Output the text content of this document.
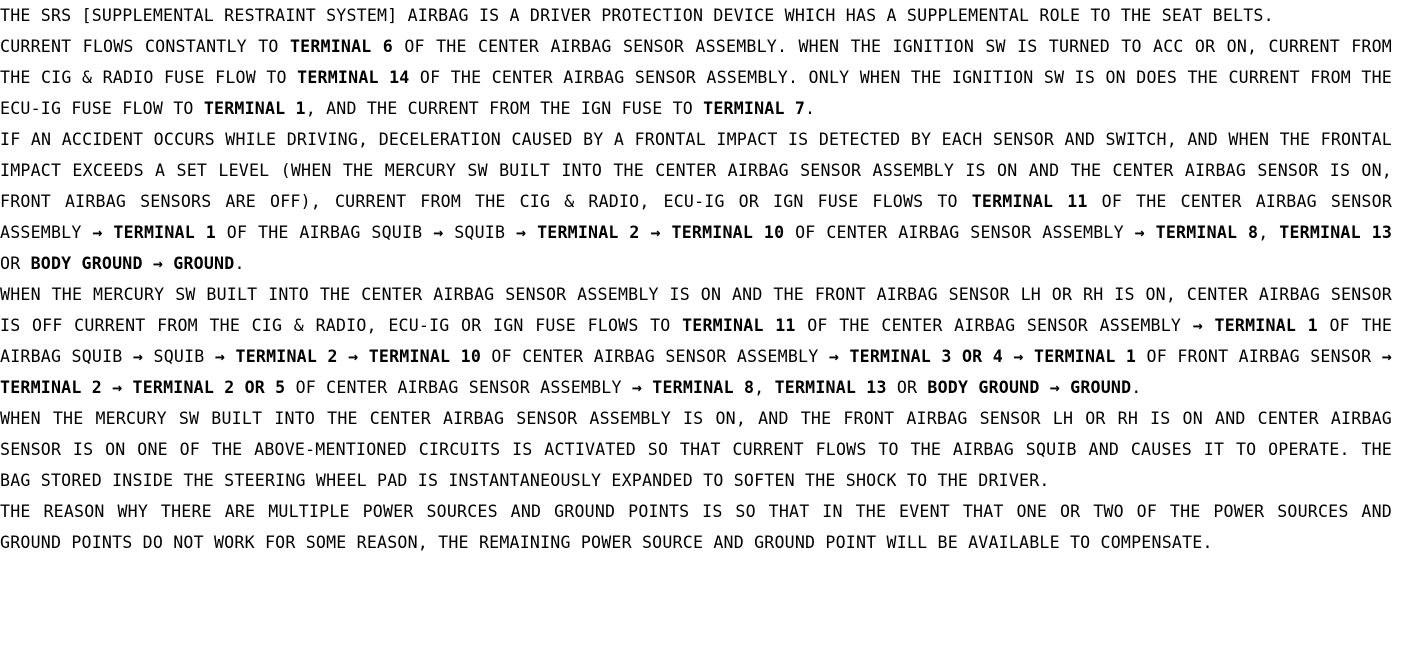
THE SRS [SUPPLEMENTAL RESTRAINT SYSTEM] AIRBAG IS A DRIVER PROTECTION DEVICE WHICH HAS A SUPPLEMENTAL ROLE TO THE SEAT BELTS.

CURRENT FLOWS CONSTANTLY TO TERMINAL 6 OF THE CENTER AIRBAG SENSOR ASSEMBLY. WHEN THE IGNITION SW IS TURNED TO ACC OR ON, CURRENT FROM THE CIG & RADIO FUSE FLOW TO TERMINAL 14 OF THE CENTER AIRBAG SENSOR ASSEMBLY. ONLY WHEN THE IGNITION SW IS ON DOES THE CURRENT FROM THE ECU-IG FUSE FLOW TO TERMINAL 1, AND THE CURRENT FROM THE IGN FUSE TO TERMINAL 7.

IF AN ACCIDENT OCCURS WHILE DRIVING, DECELERATION CAUSED BY A FRONTAL IMPACT IS DETECTED BY EACH SENSOR AND SWITCH, AND WHEN THE FRONTAL IMPACT EXCEEDS A SET LEVEL (WHEN THE MERCURY SW BUILT INTO THE CENTER AIRBAG SENSOR ASSEMBLY IS ON AND THE CENTER AIRBAG SENSOR IS ON, FRONT AIRBAG SENSORS ARE OFF), CURRENT FROM THE CIG & RADIO, ECU-IG OR IGN FUSE FLOWS TO TERMINAL 11 OF THE CENTER AIRBAG SENSOR ASSEMBLY → TERMINAL 1 OF THE AIRBAG SQUIB → SQUIB → TERMINAL 2 → TERMINAL 10 OF CENTER AIRBAG SENSOR ASSEMBLY → TERMINAL 8, TERMINAL 13 OR BODY GROUND → GROUND.

WHEN THE MERCURY SW BUILT INTO THE CENTER AIRBAG SENSOR ASSEMBLY IS ON AND THE FRONT AIRBAG SENSOR LH OR RH IS ON, CENTER AIRBAG SENSOR IS OFF CURRENT FROM THE CIG & RADIO, ECU-IG OR IGN FUSE FLOWS TO TERMINAL 11 OF THE CENTER AIRBAG SENSOR ASSEMBLY → TERMINAL 1 OF THE AIRBAG SQUIB → SQUIB → TERMINAL 2 → TERMINAL 10 OF CENTER AIRBAG SENSOR ASSEMBLY → TERMINAL 3 OR 4 → TERMINAL 1 OF FRONT AIRBAG SENSOR → TERMINAL 2 → TERMINAL 2 OR 5 OF CENTER AIRBAG SENSOR ASSEMBLY → TERMINAL 8, TERMINAL 13 OR BODY GROUND → GROUND.

WHEN THE MERCURY SW BUILT INTO THE CENTER AIRBAG SENSOR ASSEMBLY IS ON, AND THE FRONT AIRBAG SENSOR LH OR RH IS ON AND CENTER AIRBAG SENSOR IS ON ONE OF THE ABOVE-MENTIONED CIRCUITS IS ACTIVATED SO THAT CURRENT FLOWS TO THE AIRBAG SQUIB AND CAUSES IT TO OPERATE. THE BAG STORED INSIDE THE STEERING WHEEL PAD IS INSTANTANEOUSLY EXPANDED TO SOFTEN THE SHOCK TO THE DRIVER.

THE REASON WHY THERE ARE MULTIPLE POWER SOURCES AND GROUND POINTS IS SO THAT IN THE EVENT THAT ONE OR TWO OF THE POWER SOURCES AND GROUND POINTS DO NOT WORK FOR SOME REASON, THE REMAINING POWER SOURCE AND GROUND POINT WILL BE AVAILABLE TO COMPENSATE.
